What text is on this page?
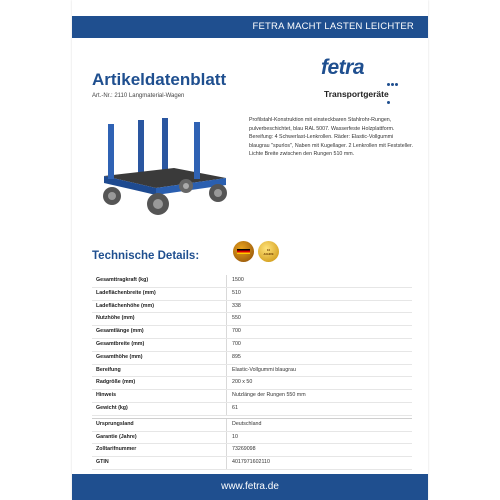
FETRA MACHT LASTEN LEICHTER
Artikeldatenblatt
Art.-Nr.: 2110 Langmaterial-Wagen
fetra
Transportgeräte
Profilstahl-Konstruktion mit einsteckbaren Stahlrohr-Rungen, pulverbeschichtet, blau RAL 5007. Wasserfeste Holzplattform. Bereifung: 4 Schwerlast-Lenkrollen. Räder: Elastic-Vollgummi blaugrau "spurlos", Naben mit Kugellager. 2 Lenkrollen mit Feststeller. Lichte Breite zwischen den Rungen 510 mm.
Technische Details:	10
JAHRE
Gesamttragkraft (kg)	1500
Ladeflächenbreite (mm)	510
Ladeflächenhöhe (mm)	338
Nutzhöhe (mm)	550
Gesamtlänge (mm)	700
Gesamtbreite (mm)	700
Gesamthöhe (mm)	895
Bereifung	Elastic-Vollgummi blaugrau
Radgröße (mm)	200 x 50
Hinweis	Nutzlänge der Rungen 550 mm
Gewicht (kg)	61
Ursprungsland	Deutschland
Garantie (Jahre)	10
Zolltarifnummer	73269098
GTIN	4017971602110
www.fetra.de
